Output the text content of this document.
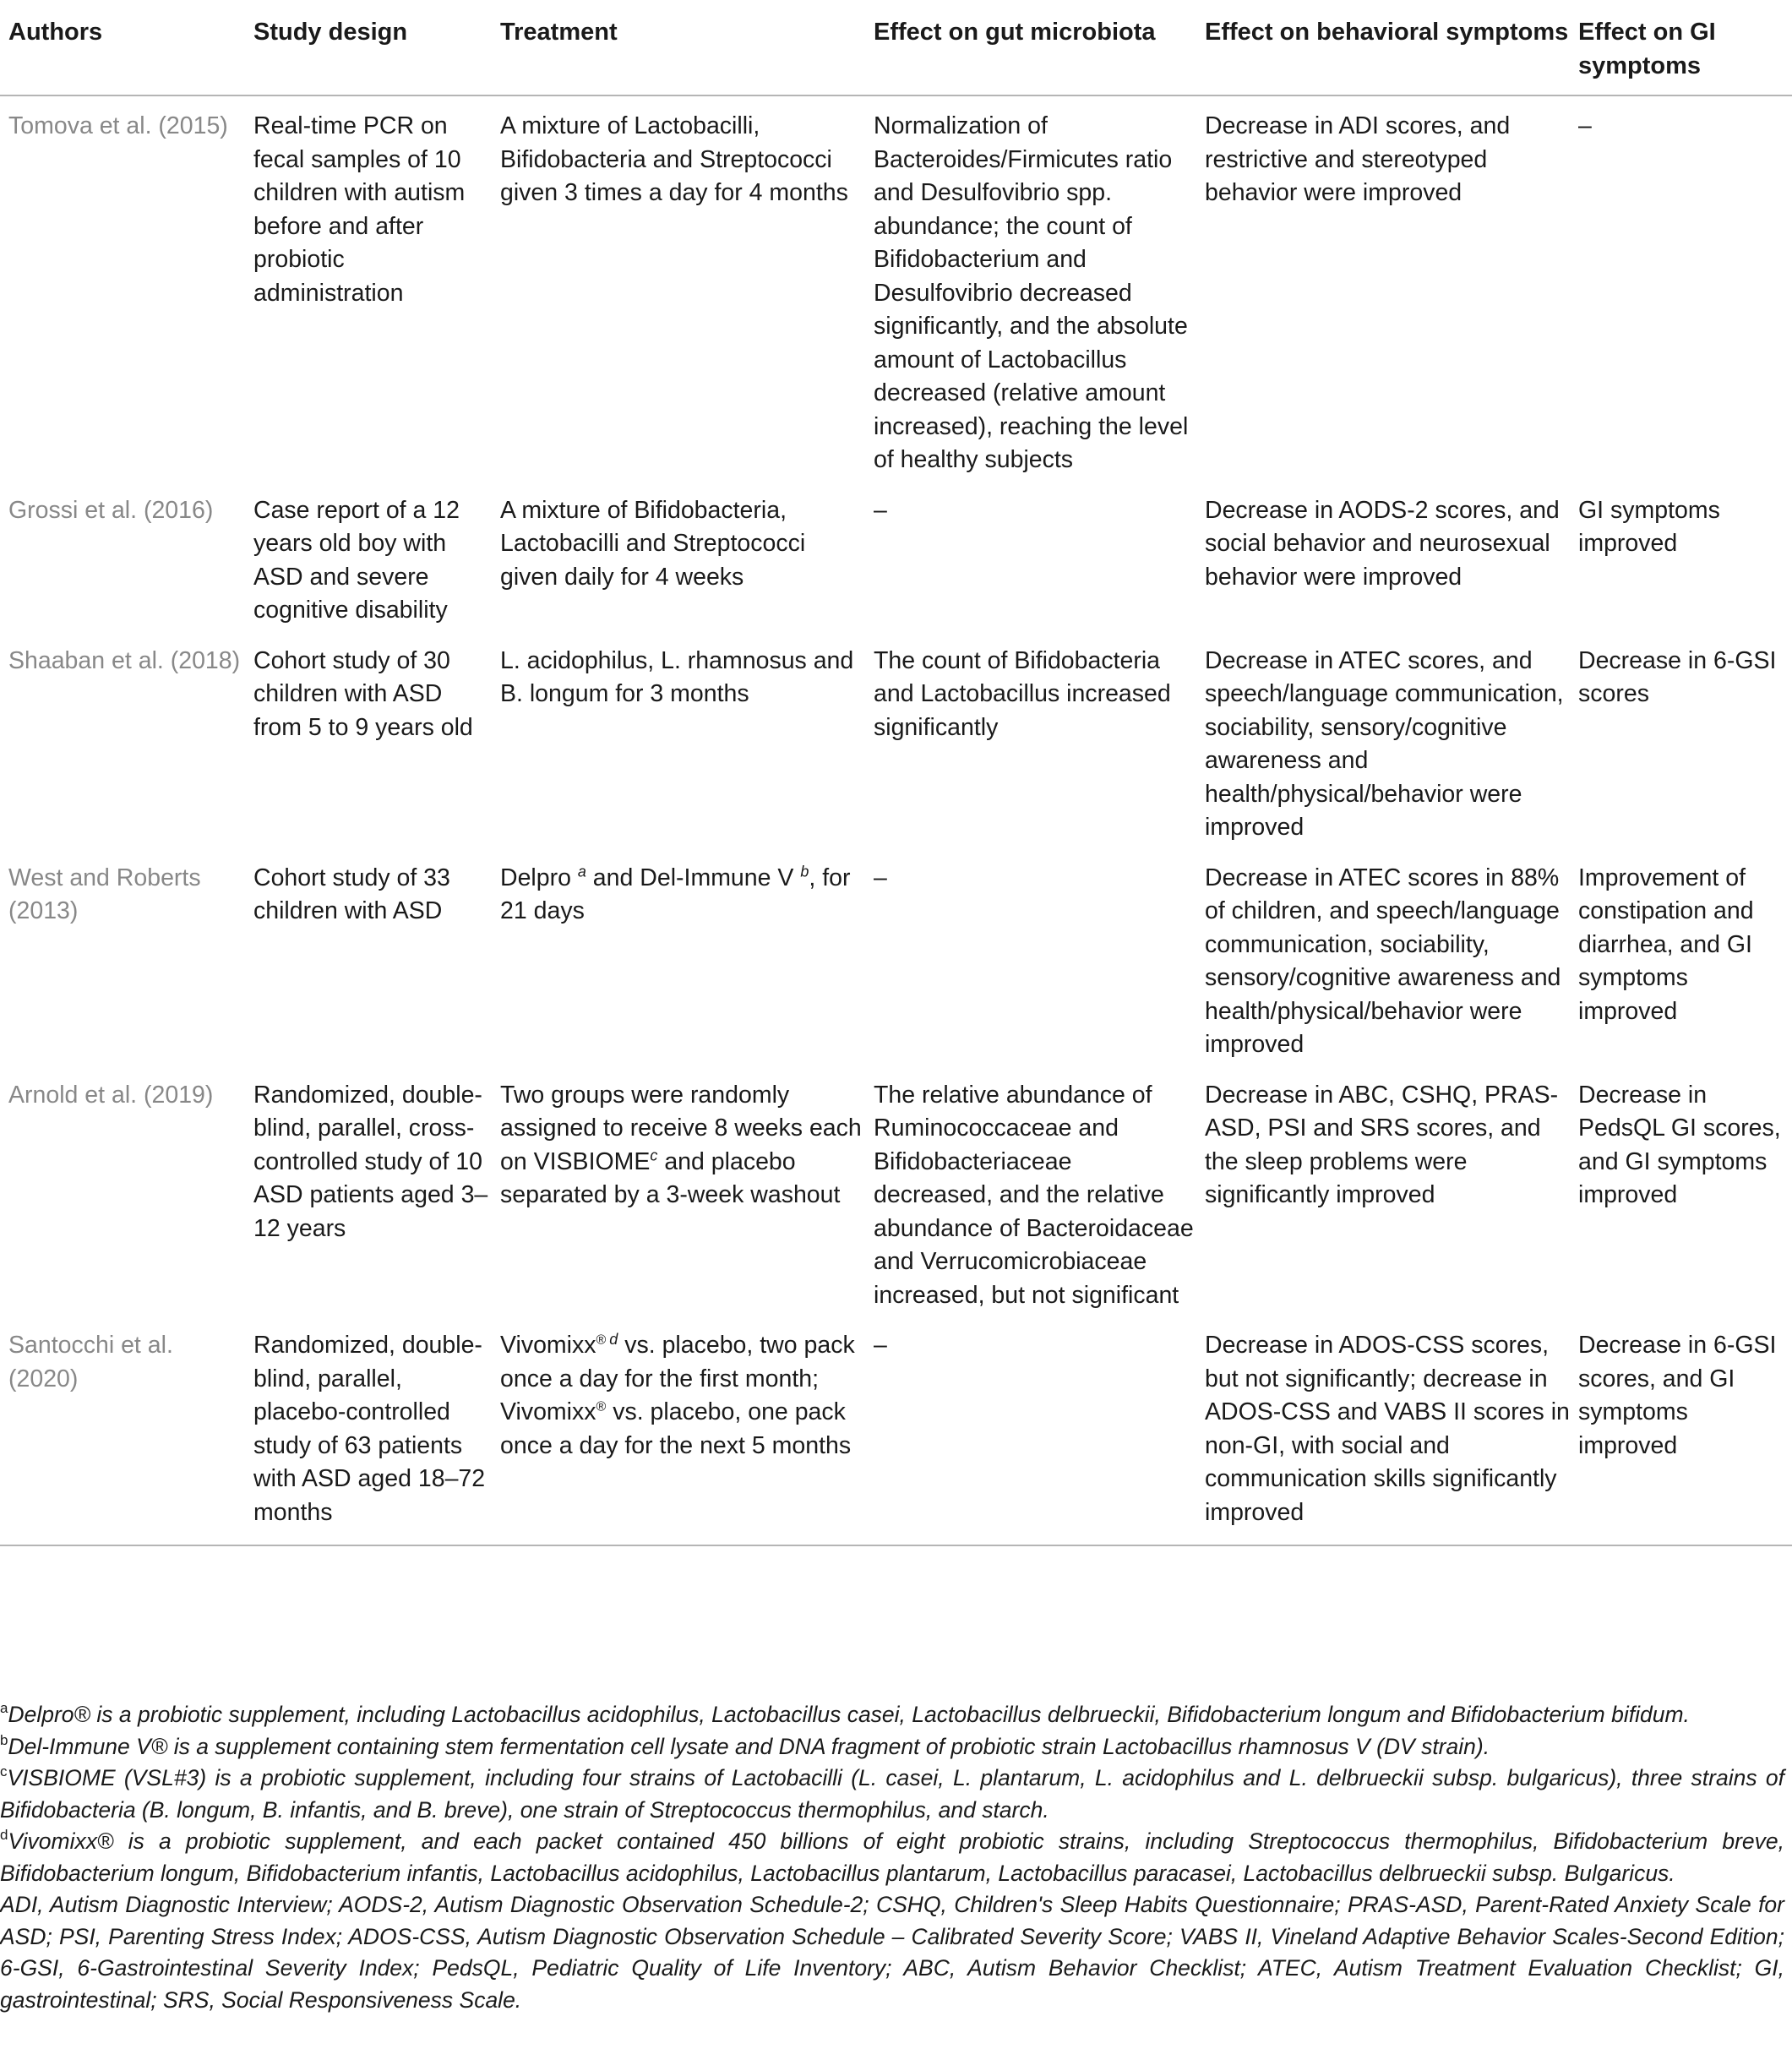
Authors	Study design	Treatment	Effect on gut microbiota	Effect on behavioral symptoms	Effect on GI symptoms
Tomova et al. (2015)	Real-time PCR on fecal samples of 10 children with autism before and after probiotic administration	A mixture of Lactobacilli, Bifidobacteria and Streptococci given 3 times a day for 4 months	Normalization of Bacteroides/Firmicutes ratio and Desulfovibrio spp. abundance; the count of Bifidobacterium and Desulfovibrio decreased significantly, and the absolute amount of Lactobacillus decreased (relative amount increased), reaching the level of healthy subjects	Decrease in ADI scores, and restrictive and stereotyped behavior were improved	–
Grossi et al. (2016)	Case report of a 12 years old boy with ASD and severe cognitive disability	A mixture of Bifidobacteria, Lactobacilli and Streptococci given daily for 4 weeks	–	Decrease in AODS-2 scores, and social behavior and neurosexual behavior were improved	GI symptoms improved
Shaaban et al. (2018)	Cohort study of 30 children with ASD from 5 to 9 years old	L. acidophilus, L. rhamnosus and B. longum for 3 months	The count of Bifidobacteria and Lactobacillus increased significantly	Decrease in ATEC scores, and speech/language communication, sociability, sensory/cognitive awareness and health/physical/behavior were improved	Decrease in 6-GSI scores
West and Roberts (2013)	Cohort study of 33 children with ASD	Delpro $^a$ and Del-Immune V $^b$, for 21 days	–	Decrease in ATEC scores in 88% of children, and speech/language communication, sociability, sensory/cognitive awareness and health/physical/behavior were improved	Improvement of constipation and diarrhea, and GI symptoms improved
Arnold et al. (2019)	Randomized, double-blind, parallel, cross-controlled study of 10 ASD patients aged 3–12 years	Two groups were randomly assigned to receive 8 weeks each on VISBIOME$^c$ and placebo separated by a 3-week washout	The relative abundance of Ruminococcaceae and Bifidobacteriaceae decreased, and the relative abundance of Bacteroidaceae and Verrucomicrobiaceae increased, but not significant	Decrease in ABC, CSHQ, PRAS-ASD, PSI and SRS scores, and the sleep problems were significantly improved	Decrease in PedsQL GI scores, and GI symptoms improved
Santocchi et al. (2020)	Randomized, double-blind, parallel, placebo-controlled study of 63 patients with ASD aged 18–72 months	Vivomixx® $^d$ vs. placebo, two pack once a day for the first month; Vivomixx® vs. placebo, one pack once a day for the next 5 months	–	Decrease in ADOS-CSS scores, but not significantly; decrease in ADOS-CSS and VABS II scores in non-GI, with social and communication skills significantly improved	Decrease in 6-GSI scores, and GI symptoms improved
$^a$Delpro® is a probiotic supplement, including Lactobacillus acidophilus, Lactobacillus casei, Lactobacillus delbrueckii, Bifidobacterium longum and Bifidobacterium bifidum.
$^b$Del-Immune V® is a supplement containing stem fermentation cell lysate and DNA fragment of probiotic strain Lactobacillus rhamnosus V (DV strain).
$^c$VISBIOME (VSL#3) is a probiotic supplement, including four strains of Lactobacilli (L. casei, L. plantarum, L. acidophilus and L. delbrueckii subsp. bulgaricus), three strains of Bifidobacteria (B. longum, B. infantis, and B. breve), one strain of Streptococcus thermophilus, and starch.
$^d$Vivomixx® is a probiotic supplement, and each packet contained 450 billions of eight probiotic strains, including Streptococcus thermophilus, Bifidobacterium breve, Bifidobacterium longum, Bifidobacterium infantis, Lactobacillus acidophilus, Lactobacillus plantarum, Lactobacillus paracasei, Lactobacillus delbrueckii subsp. Bulgaricus.
ADI, Autism Diagnostic Interview; AODS-2, Autism Diagnostic Observation Schedule-2; CSHQ, Children's Sleep Habits Questionnaire; PRAS-ASD, Parent-Rated Anxiety Scale for ASD; PSI, Parenting Stress Index; ADOS-CSS, Autism Diagnostic Observation Schedule – Calibrated Severity Score; VABS II, Vineland Adaptive Behavior Scales-Second Edition; 6-GSI, 6-Gastrointestinal Severity Index; PedsQL, Pediatric Quality of Life Inventory; ABC, Autism Behavior Checklist; ATEC, Autism Treatment Evaluation Checklist; GI, gastrointestinal; SRS, Social Responsiveness Scale.
